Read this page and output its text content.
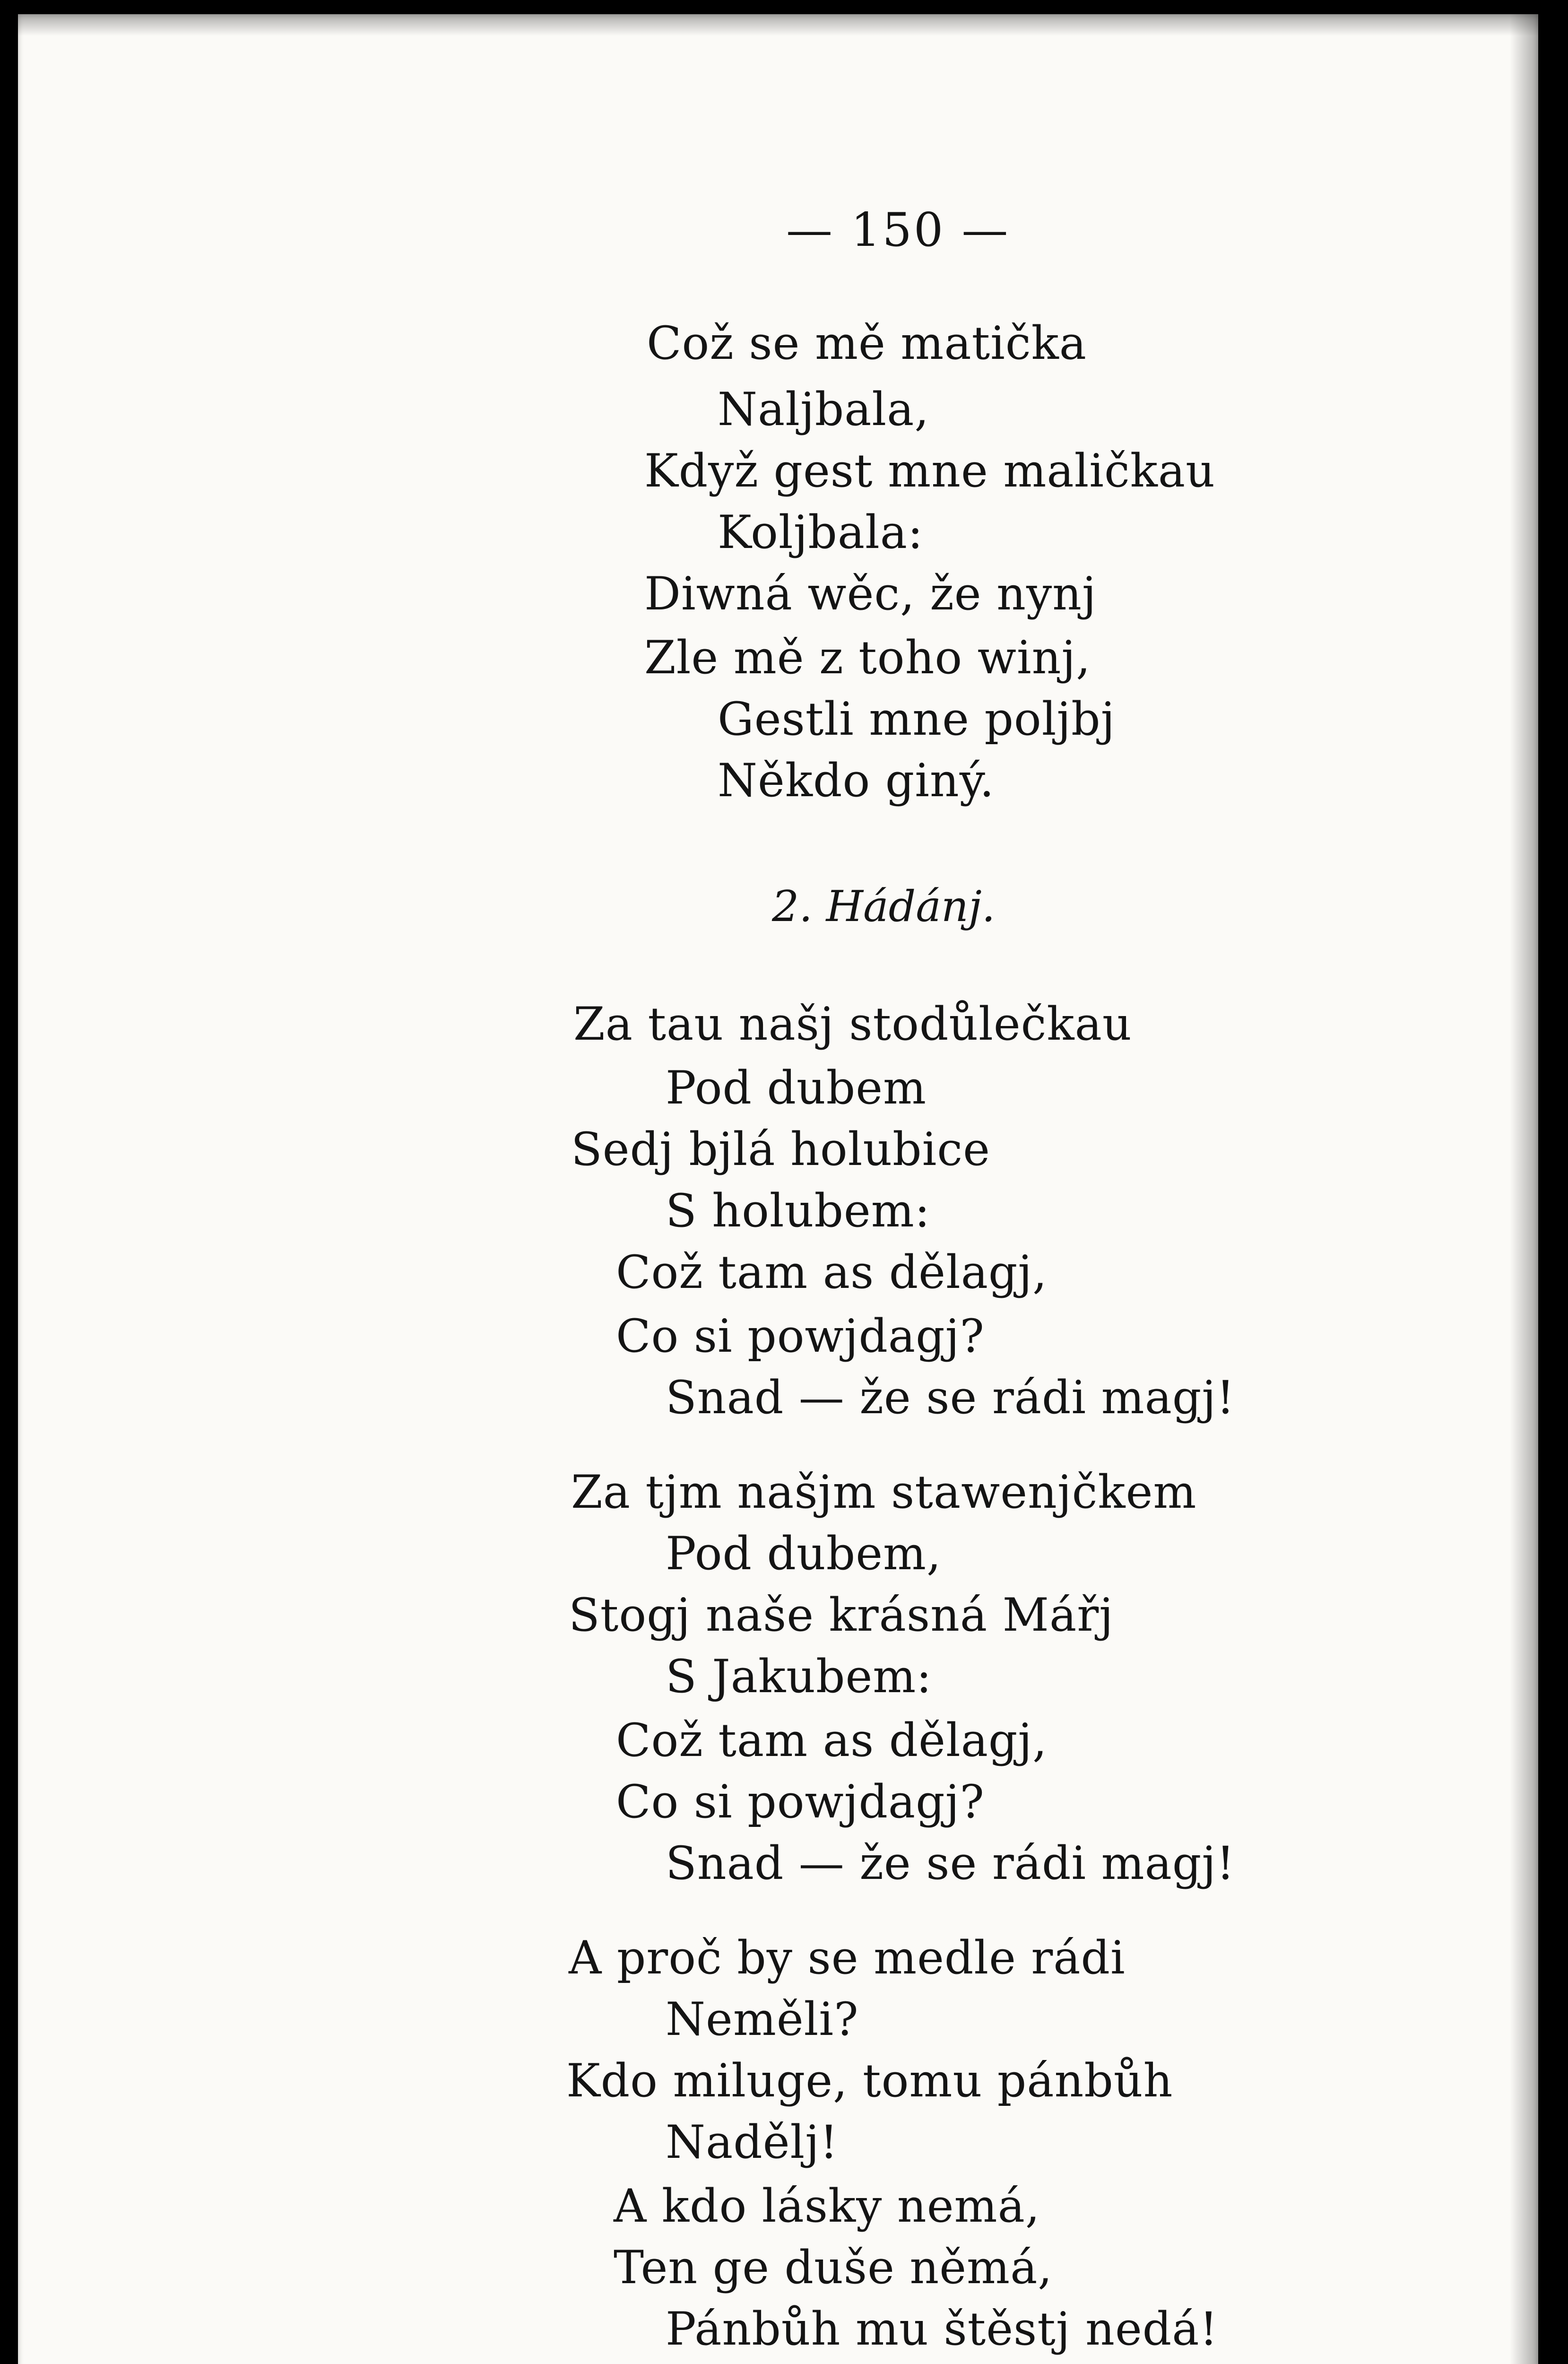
— 150 —
Což se mě matička
Naljbala,
Když gest mne maličkau
Koljbala:
Diwná wěc, že nynj
Zle mě z toho winj,
Gestli mne poljbj
Někdo giný.
2. Hádánj.
Za tau našj stodůlečkau
Pod dubem
Sedj bjlá holubice
S holubem:
Což tam as dělagj,
Co si powjdagj?
Snad — že se rádi magj!
Za tjm našjm stawenjčkem
Pod dubem,
Stogj naše krásná Mářj
S Jakubem:
Což tam as dělagj,
Co si powjdagj?
Snad — že se rádi magj!
A proč by se medle rádi
Neměli?
Kdo miluge, tomu pánbůh
Nadělj!
A kdo lásky nemá,
Ten ge duše němá,
Pánbůh mu štěstj nedá!
